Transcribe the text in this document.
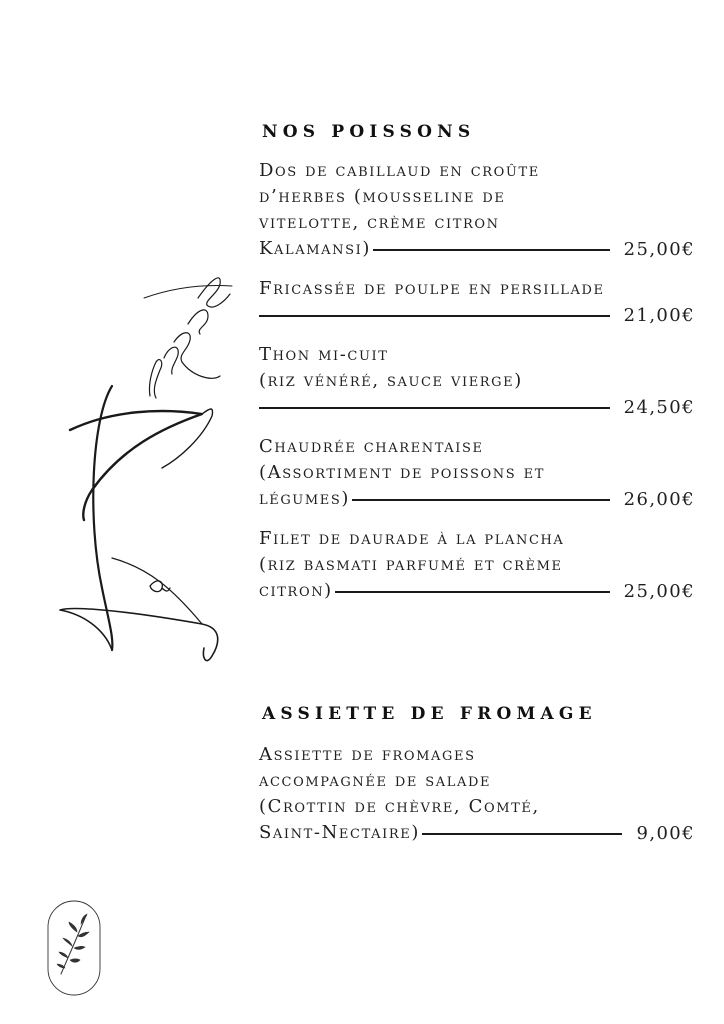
NOS POISSONS
Dos de cabillaud en croûte
d’herbes (mousseline de
vitelotte, crème citron
Kalamansi)	25,00€
Fricassée de poulpe en persillade
21,00€
Thon mi-cuit
(riz vénéré, sauce vierge)
24,50€
Chaudrée charentaise
(Assortiment de poissons et
légumes)	26,00€
Filet de daurade à la plancha
(riz basmati parfumé et crème
citron)	25,00€
ASSIETTE DE FROMAGE
Assiette de fromages
accompagnée de salade
(Crottin de chèvre, Comté,
Saint-Nectaire)	9,00€
